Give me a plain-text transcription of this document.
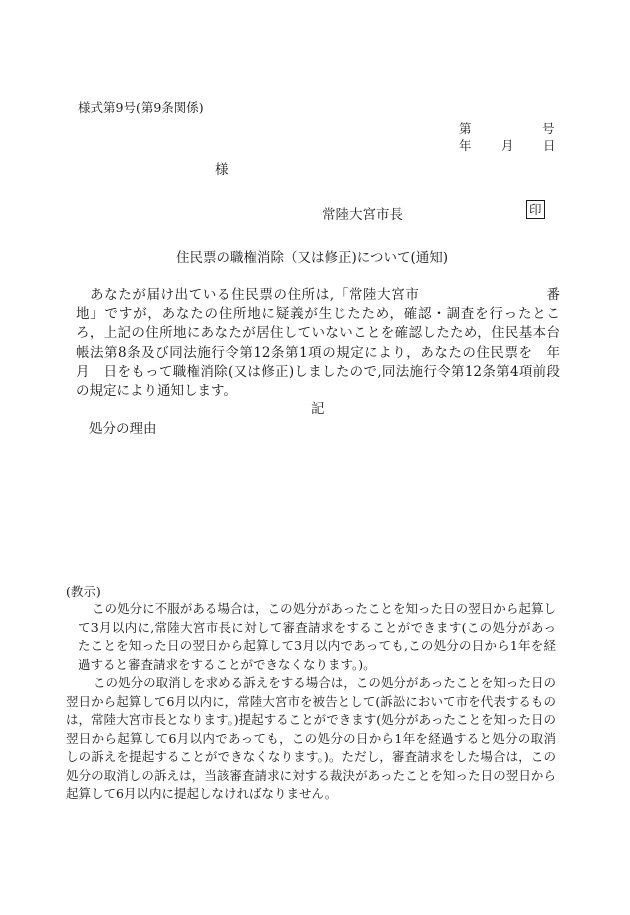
様式第9号(第9条関係)
第	号
年 月 日
様
常陸大宮市長	印
住民票の職権消除（又は修正)について(通知)
あなたが届け出ている住民票の住所は,「常陸大宮市　　　　　　　　　番地」ですが，あなたの住所地に疑義が生じたため，確認・調査を行ったところ，上記の住所地にあなたが居住していないことを確認したため，住民基本台帳法第8条及び同法施行令第12条第1項の規定により，あなたの住民票を　年　月　日をもって職権消除(又は修正)しましたので,同法施行令第12条第4項前段の規定により通知します。
記
処分の理由
(教示)
この処分に不服がある場合は，この処分があったことを知った日の翌日から起算して3月以内に,常陸大宮市長に対して審査請求をすることができます(この処分があったことを知った日の翌日から起算して3月以内であっても,この処分の日から1年を経過すると審査請求をすることができなくなります。)。
この処分の取消しを求める訴えをする場合は，この処分があったことを知った日の翌日から起算して6月以内に，常陸大宮市を被告として(訴訟において市を代表するものは，常陸大宮市長となります。)提起することができます(処分があったことを知った日の翌日から起算して6月以内であっても，この処分の日から1年を経過すると処分の取消しの訴えを提起することができなくなります。)。ただし，審査請求をした場合は，この処分の取消しの訴えは，当該審査請求に対する裁決があったことを知った日の翌日から起算して6月以内に提起しなければなりません。
